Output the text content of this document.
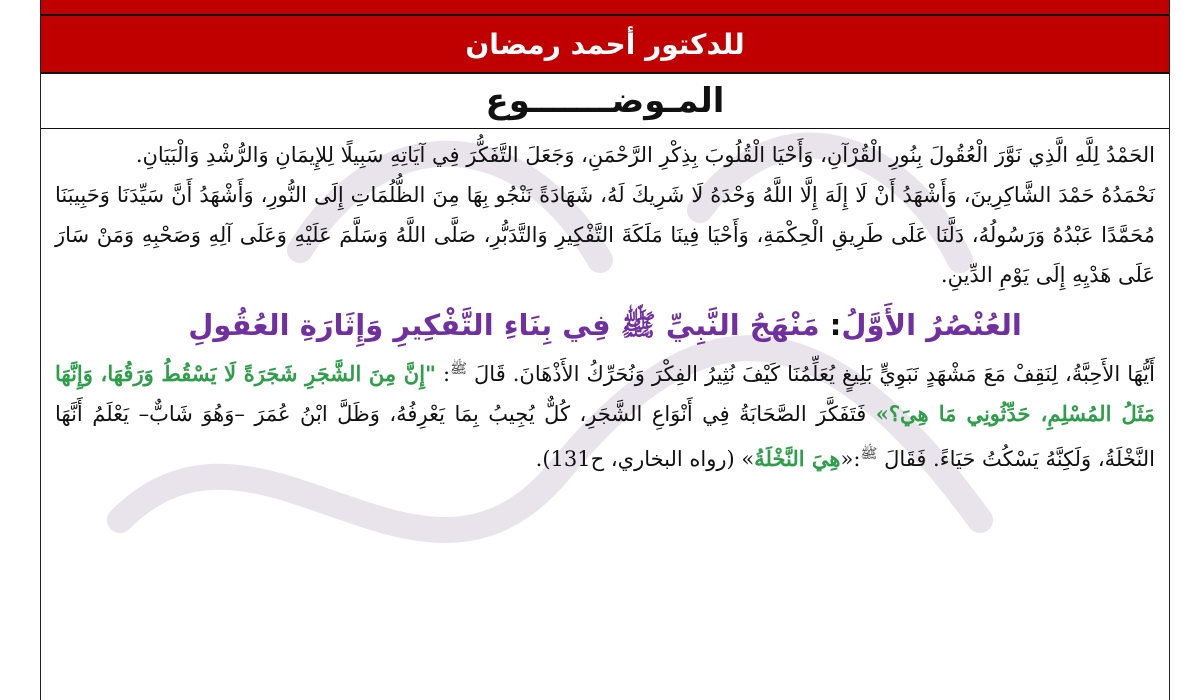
للدكتور أحمد رمضان
المـوضـــــــوع

الحَمْدُ لِلَّهِ الَّذِي نَوَّرَ الْعُقُولَ بِنُورِ الْقُرْآنِ، وَأَحْيَا الْقُلُوبَ بِذِكْرِ الرَّحْمَنِ، وَجَعَلَ التَّفَكُّرَ فِي آيَاتِهِ سَبِيلًا لِلإِيمَانِ وَالرُّشْدِ وَالْبَيَانِ.

نَحْمَدُهُ حَمْدَ الشَّاكِرِينَ، وَأَشْهَدُ أَنْ لَا إِلَهَ إِلَّا اللَّهُ وَحْدَهُ لَا شَرِيكَ لَهُ، شَهَادَةً نَنْجُو بِهَا مِنَ الظُّلُمَاتِ إِلَى النُّورِ، وَأَشْهَدُ أَنَّ سَيِّدَنَا وَحَبِيبَنَا مُحَمَّدًا عَبْدُهُ وَرَسُولُهُ، دَلَّنَا عَلَى طَرِيقِ الْحِكْمَةِ، وَأَحْيَا فِينَا مَلَكَةَ التَّفْكِيرِ وَالتَّدَبُّرِ، صَلَّى اللَّهُ وَسَلَّمَ عَلَيْهِ وَعَلَى آلِهِ وَصَحْبِهِ وَمَنْ سَارَ عَلَى هَدْيِهِ إِلَى يَوْمِ الدِّينِ.

العُنْصُرُ الأَوَّلُ: مَنْهَجُ النَّبِيِّ ﷺ فِي بِنَاءِ التَّفْكِيرِ وَإِثَارَةِ العُقُولِ

أَيُّهَا الأَحِبَّةُ، لِنَقِفْ مَعَ مَشْهَدٍ نَبَوِيٍّ بَلِيغٍ يُعَلِّمُنَا كَيْفَ نُثِيرُ الفِكْرَ وَنُحَرِّكُ الأَذْهَانَ. قَالَ $^ﷺ$: "إِنَّ مِنَ الشَّجَرِ شَجَرَةً لَا يَسْقُطُ وَرَقُهَا، وَإِنَّهَا مَثَلُ المُسْلِمِ، حَدِّثُونِي مَا هِيَ؟» فَتَفَكَّرَ الصَّحَابَةُ فِي أَنْوَاعِ الشَّجَرِ، كُلٌّ يُجِيبُ بِمَا يَعْرِفُهُ، وَظَلَّ ابْنُ عُمَرَ –وَهُوَ شَابٌّ– يَعْلَمُ أَنَّهَا النَّخْلَةُ، وَلَكِنَّهُ يَسْكُتُ حَيَاءً. فَقَالَ $^ﷺ$:«هِيَ النَّخْلَةُ» (رواه البخاري، ح131).
